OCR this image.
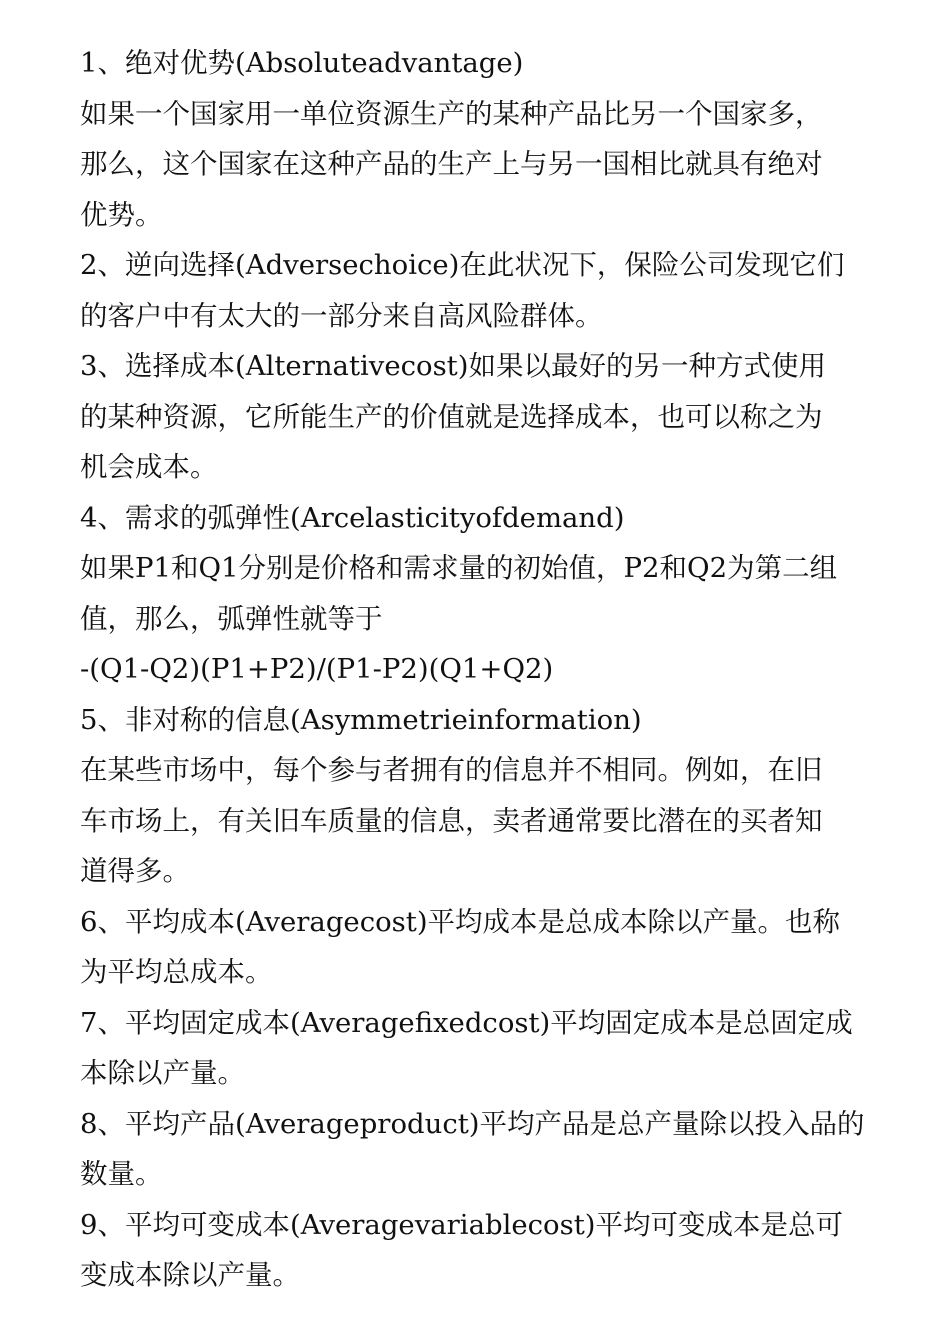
1、绝对优势(Absoluteadvantage)

如果一个国家用一单位资源生产的某种产品比另一个国家多，

那么，这个国家在这种产品的生产上与另一国相比就具有绝对

优势。

2、逆向选择(Adversechoice)在此状况下，保险公司发现它们

的客户中有太大的一部分来自高风险群体。

3、选择成本(Alternativecost)如果以最好的另一种方式使用

的某种资源，它所能生产的价值就是选择成本，也可以称之为

机会成本。

4、需求的弧弹性(Arcelasticityofdemand)

如果P1和Q1分别是价格和需求量的初始值，P2和Q2为第二组

值，那么，弧弹性就等于

-(Q1-Q2)(P1+P2)/(P1-P2)(Q1+Q2)

5、非对称的信息(Asymmetrieinformation)

在某些市场中，每个参与者拥有的信息并不相同。例如，在旧

车市场上，有关旧车质量的信息，卖者通常要比潜在的买者知

道得多。

6、平均成本(Averagecost)平均成本是总成本除以产量。也称

为平均总成本。

7、平均固定成本(Averagefixedcost)平均固定成本是总固定成

本除以产量。

8、平均产品(Averageproduct)平均产品是总产量除以投入品的

数量。

9、平均可变成本(Averagevariablecost)平均可变成本是总可

变成本除以产量。
